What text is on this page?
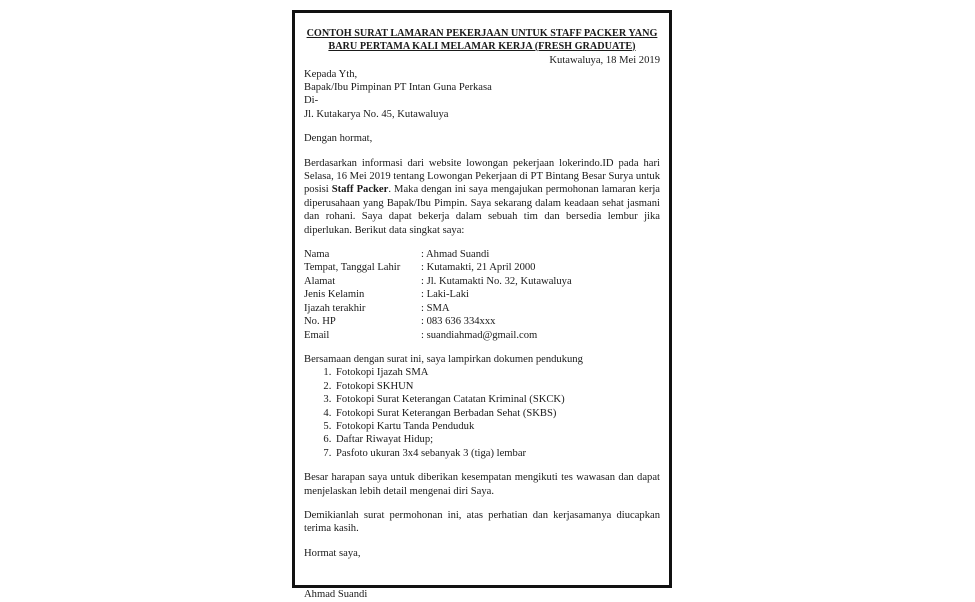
CONTOH SURAT LAMARAN PEKERJAAN UNTUK STAFF PACKER YANG
BARU PERTAMA KALI MELAMAR KERJA (FRESH GRADUATE)
Kutawaluya, 18 Mei 2019
Kepada Yth,
Bapak/Ibu Pimpinan PT Intan Guna Perkasa
Di-
Jl. Kutakarya No. 45, Kutawaluya
Dengan hormat,
Berdasarkan informasi dari website lowongan pekerjaan lokerindo.ID pada hari Selasa, 16 Mei 2019 tentang Lowongan Pekerjaan di PT Bintang Besar Surya untuk posisi Staff Packer. Maka dengan ini saya mengajukan permohonan lamaran kerja diperusahaan yang Bapak/Ibu Pimpin. Saya sekarang dalam keadaan sehat jasmani dan rohani. Saya dapat bekerja dalam sebuah tim dan bersedia lembur jika diperlukan. Berikut data singkat saya:
Nama	: Ahmad Suandi
Tempat, Tanggal Lahir	: Kutamakti, 21 April 2000
Alamat	: Jl. Kutamakti No. 32, Kutawaluya
Jenis Kelamin	: Laki-Laki
Ijazah terakhir	: SMA
No. HP	: 083 636 334xxx
Email	: suandiahmad@gmail.com
Bersamaan dengan surat ini, saya lampirkan dokumen pendukung
1. Fotokopi Ijazah SMA
2. Fotokopi SKHUN
3. Fotokopi Surat Keterangan Catatan Kriminal (SKCK)
4. Fotokopi Surat Keterangan Berbadan Sehat (SKBS)
5. Fotokopi Kartu Tanda Penduduk
6. Daftar Riwayat Hidup;
7. Pasfoto ukuran 3x4 sebanyak 3 (tiga) lembar
Besar harapan saya untuk diberikan kesempatan mengikuti tes wawasan dan dapat menjelaskan lebih detail mengenai diri Saya.
Demikianlah surat permohonan ini, atas perhatian dan kerjasamanya diucapkan terima kasih.
Hormat saya,
Ahmad Suandi
